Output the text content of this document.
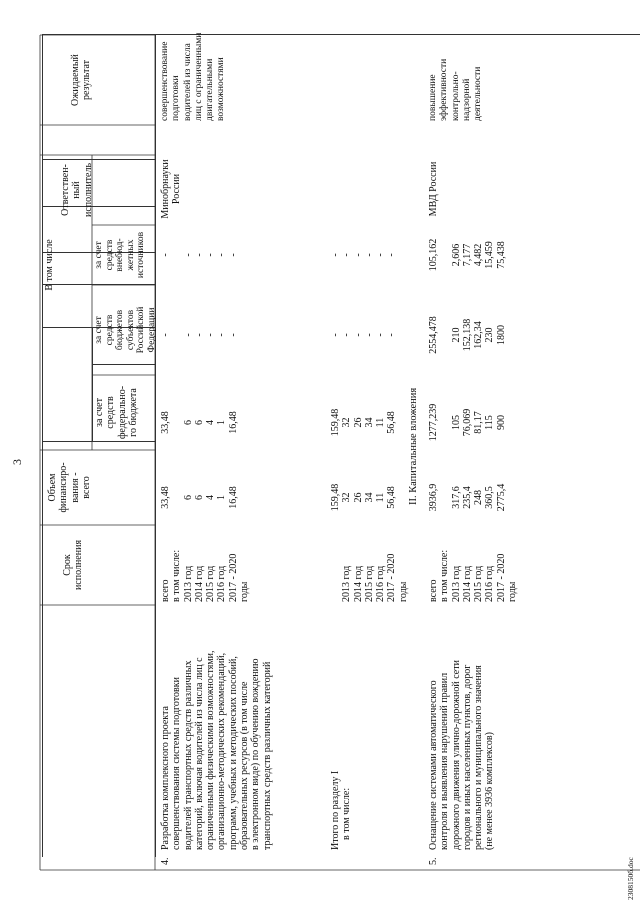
3
Срок
исполнения
Объем
финансиро-
вания -
всего
за счет
средств
федерально-
го бюджета
В том числе
за счет
средств
бюджетов
субъектов
Российской
Федерации
за счет
средств
внебюд-
жетных
источников
Ответствен-
ный
исполнитель
Ожидаемый
результат
4.
Разработка комплексного проекта
совершенствования системы подготовки
водителей транспортных средств различных
категорий, включая водителей из числа лиц с
ограниченными физическими возможностями,
организационно-методических рекомендаций,
программ, учебных и методических пособий,
образовательных ресурсов (в том числе
в электронном виде) по обучению вождению
транспортных средств различных категорий
всего
в том числе:
2013 год
2014 год
2015 год
2016 год
2017 - 2020
годы
33,48

6
6
4
1
16,48
33,48

6
6
4
1
16,48
-

-
-
-
-
-
-

-
-
-
-
-
Минобрнауки
России
совершенствование
подготовки
водителей из числа
лиц с ограниченными
двигательными
возможностями
Итого по разделу I
в том числе:

2013 год
2014 год
2015 год
2016 год
2017 - 2020
годы
159,48
32
26
34
11
56,48
159,48
32
26
34
11
56,48
-
-
-
-
-
-
-
-
-
-
-
-
II. Капитальные вложения
5.
Оснащение системами автоматического
контроля и выявления нарушений правил
дорожного движения улично-дорожной сети
городов и иных населенных пунктов, дорог
регионального и муниципального значения
(не менее 3936 комплексов)
всего
в том числе:
2013 год
2014 год
2015 год
2016 год
2017 - 2020
годы
3936,9

317,6
235,4
248
360,5
2775,4
1277,239

105
76,069
81,17
115
900
2554,478

210
152,138
162,34
230
1800
105,162

2,606
7,177
4,482
15,459
75,438
МВД России
повышение
эффективности
контрольно-
надзорной
деятельности
2308150б.doc
